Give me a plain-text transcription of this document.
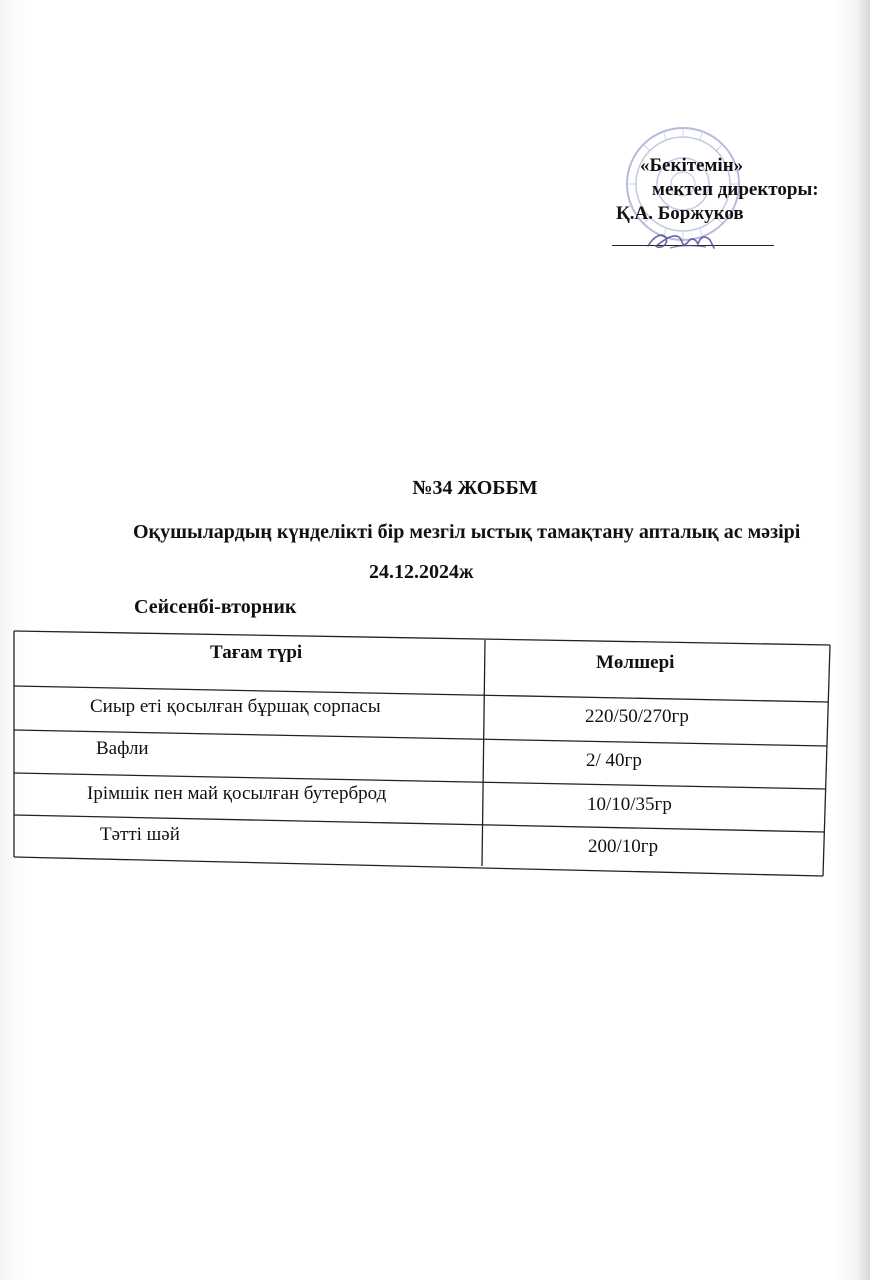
«Бекітемін»
мектеп директоры:
Қ.А. Боржуков
№34 ЖОББМ
Оқушылардың күнделікті бір мезгіл ыстық тамақтану апталық ас мәзірі
24.12.2024ж
Сейсенбі-вторник
Тағам түрі	Мөлшері
Сиыр еті қосылған бұршақ сорпасы	220/50/270гр
Вафли
2/ 40гр
Ірімшік пен май қосылған бутерброд
10/10/35гр
Тәтті шәй
200/10гр
